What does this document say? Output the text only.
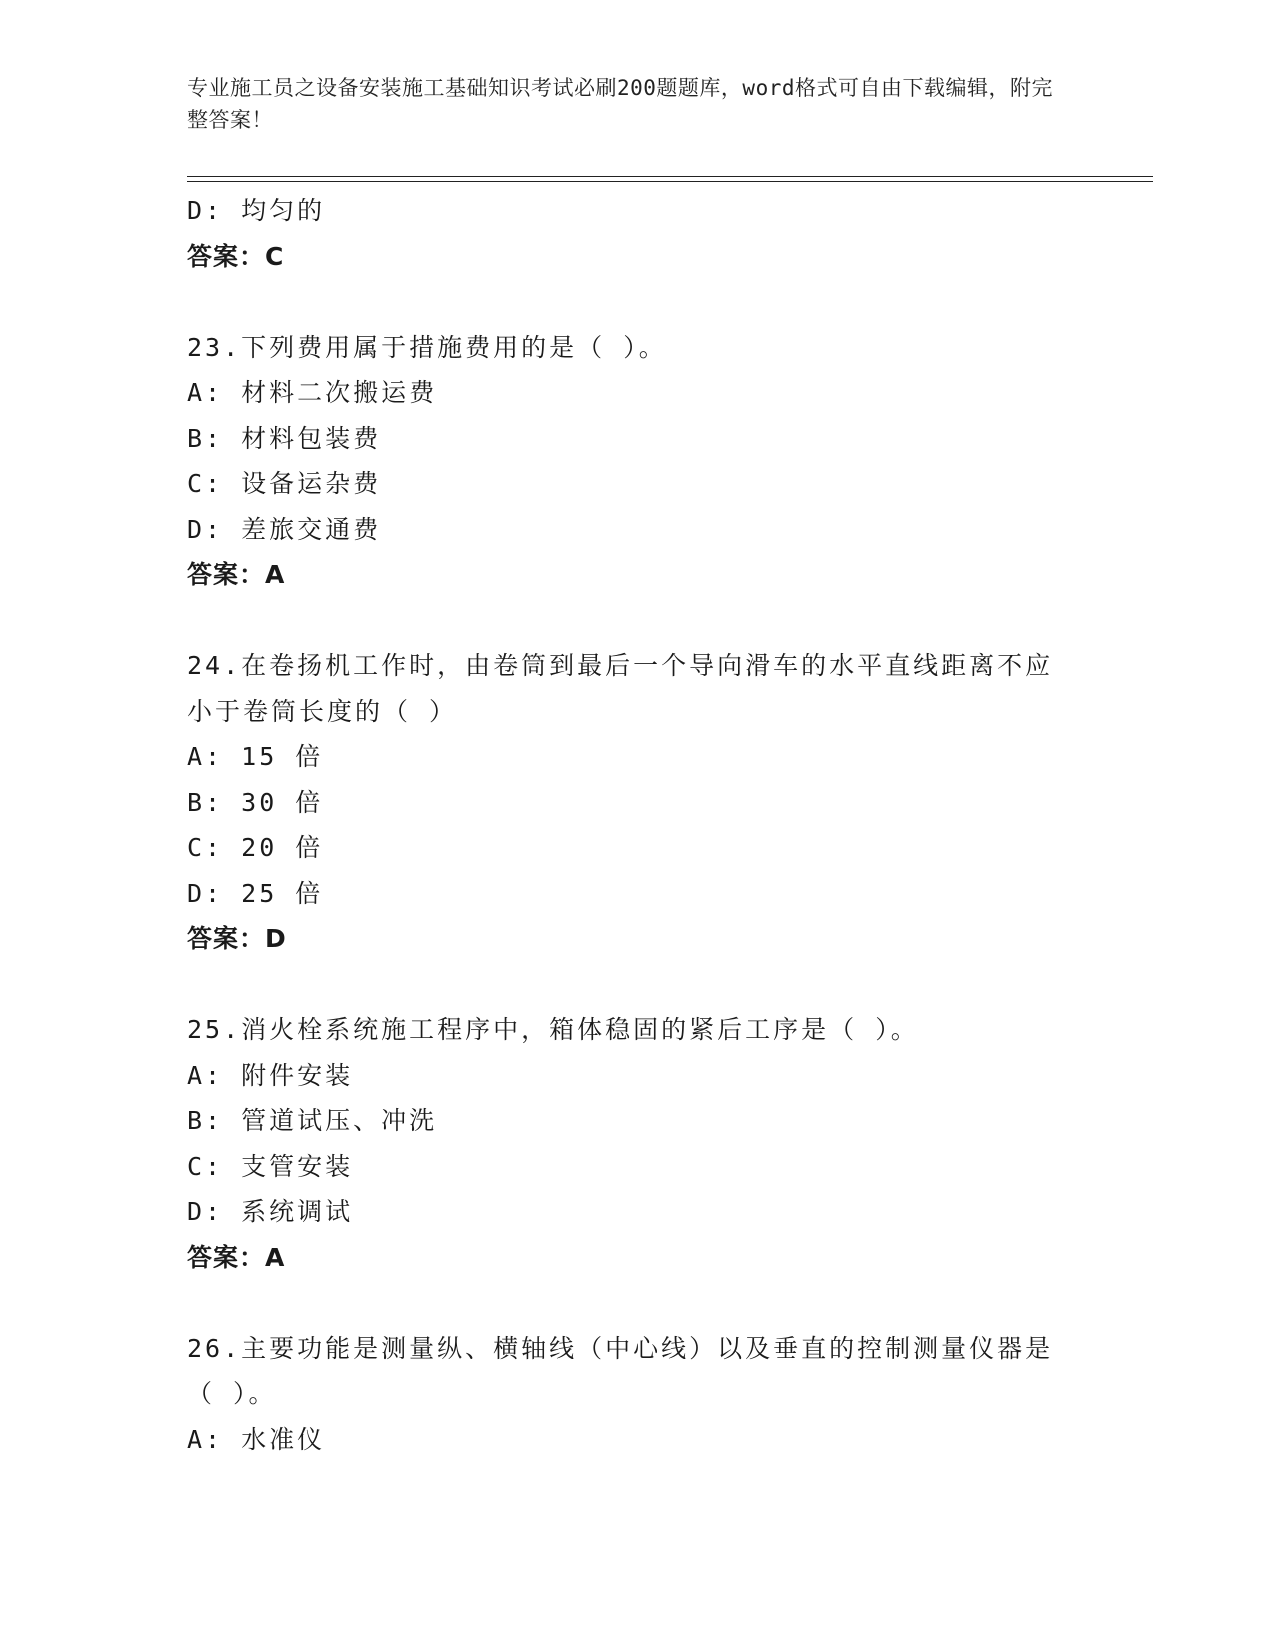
专业施工员之设备安装施工基础知识考试必刷200题题库，word格式可自由下载编辑，附完整答案！
D: 均匀的
答案：C
23.下列费用属于措施费用的是（ ）。
A: 材料二次搬运费
B: 材料包装费
C: 设备运杂费
D: 差旅交通费
答案：A
24.在卷扬机工作时，由卷筒到最后一个导向滑车的水平直线距离不应
小于卷筒长度的（ ）
A: 15 倍
B: 30 倍
C: 20 倍
D: 25 倍
答案：D
25.消火栓系统施工程序中，箱体稳固的紧后工序是（ ）。
A: 附件安装
B: 管道试压、冲洗
C: 支管安装
D: 系统调试
答案：A
26.主要功能是测量纵、横轴线（中心线）以及垂直的控制测量仪器是
（ ）。
A: 水准仪
